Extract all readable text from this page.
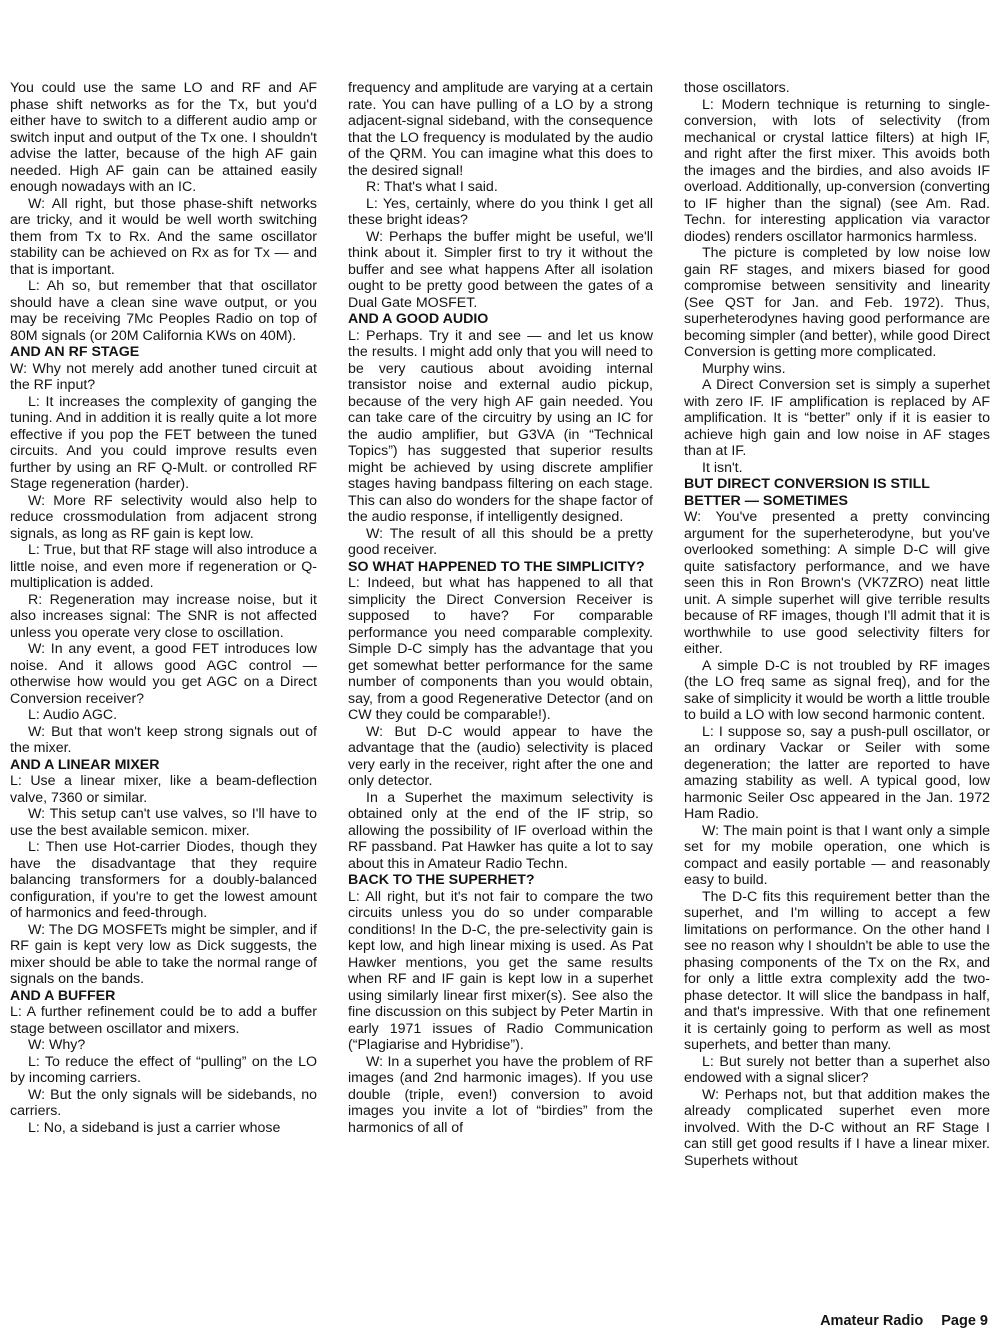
You could use the same LO and RF and AF phase shift networks as for the Tx, but you'd either have to switch to a different audio amp or switch input and output of the Tx one. I shouldn't advise the latter, because of the high AF gain needed. High AF gain can be attained easily enough nowadays with an IC.

W: All right, but those phase-shift networks are tricky, and it would be well worth switching them from Tx to Rx. And the same oscillator stability can be achieved on Rx as for Tx — and that is important.

L: Ah so, but remember that that oscillator should have a clean sine wave output, or you may be receiving 7Mc Peoples Radio on top of 80M signals (or 20M California KWs on 40M).

AND AN RF STAGE

W: Why not merely add another tuned circuit at the RF input?

L: It increases the complexity of ganging the tuning. And in addition it is really quite a lot more effective if you pop the FET between the tuned circuits. And you could improve results even further by using an RF Q-Mult. or controlled RF Stage regeneration (harder).

W: More RF selectivity would also help to reduce crossmodulation from adjacent strong signals, as long as RF gain is kept low.

L: True, but that RF stage will also introduce a little noise, and even more if regeneration or Q-multiplication is added.

R: Regeneration may increase noise, but it also increases signal: The SNR is not affected unless you operate very close to oscillation.

W: In any event, a good FET introduces low noise. And it allows good AGC control — otherwise how would you get AGC on a Direct Conversion receiver?

L: Audio AGC.

W: But that won't keep strong signals out of the mixer.

AND A LINEAR MIXER

L: Use a linear mixer, like a beam-deflection valve, 7360 or similar.

W: This setup can't use valves, so I'll have to use the best available semicon. mixer.

L: Then use Hot-carrier Diodes, though they have the disadvantage that they require balancing transformers for a doubly-balanced configuration, if you're to get the lowest amount of harmonics and feed-through.

W: The DG MOSFETs might be simpler, and if RF gain is kept very low as Dick suggests, the mixer should be able to take the normal range of signals on the bands.

AND A BUFFER

L: A further refinement could be to add a buffer stage between oscillator and mixers.

W: Why?

L: To reduce the effect of “pulling” on the LO by incoming carriers.

W: But the only signals will be sidebands, no carriers.

L: No, a sideband is just a carrier whose

frequency and amplitude are varying at a certain rate. You can have pulling of a LO by a strong adjacent-signal sideband, with the consequence that the LO frequency is modulated by the audio of the QRM. You can imagine what this does to the desired signal!

R: That's what I said.

L: Yes, certainly, where do you think I get all these bright ideas?

W: Perhaps the buffer might be useful, we'll think about it. Simpler first to try it without the buffer and see what happens After all isolation ought to be pretty good between the gates of a Dual Gate MOSFET.

AND A GOOD AUDIO

L: Perhaps. Try it and see — and let us know the results. I might add only that you will need to be very cautious about avoiding internal transistor noise and external audio pickup, because of the very high AF gain needed. You can take care of the circuitry by using an IC for the audio amplifier, but G3VA (in “Technical Topics”) has suggested that superior results might be achieved by using discrete amplifier stages having bandpass filtering on each stage. This can also do wonders for the shape factor of the audio response, if intelligently designed.

W: The result of all this should be a pretty good receiver.

SO WHAT HAPPENED TO THE SIMPLICITY?

L: Indeed, but what has happened to all that simplicity the Direct Conversion Receiver is supposed to have? For comparable performance you need comparable complexity. Simple D-C simply has the advantage that you get somewhat better performance for the same number of components than you would obtain, say, from a good Regenerative Detector (and on CW they could be comparable!).

W: But D-C would appear to have the advantage that the (audio) selectivity is placed very early in the receiver, right after the one and only detector.

In a Superhet the maximum selectivity is obtained only at the end of the IF strip, so allowing the possibility of IF overload within the RF passband. Pat Hawker has quite a lot to say about this in Amateur Radio Techn.

BACK TO THE SUPERHET?

L: All right, but it's not fair to compare the two circuits unless you do so under comparable conditions! In the D-C, the pre-selectivity gain is kept low, and high linear mixing is used. As Pat Hawker mentions, you get the same results when RF and IF gain is kept low in a superhet using similarly linear first mixer(s). See also the fine discussion on this subject by Peter Martin in early 1971 issues of Radio Communication (“Plagiarise and Hybridise”).

W: In a superhet you have the problem of RF images (and 2nd harmonic images). If you use double (triple, even!) conversion to avoid images you invite a lot of “birdies” from the harmonics of all of

those oscillators.

L: Modern technique is returning to single-conversion, with lots of selectivity (from mechanical or crystal lattice filters) at high IF, and right after the first mixer. This avoids both the images and the birdies, and also avoids IF overload. Additionally, up-conversion (converting to IF higher than the signal) (see Am. Rad. Techn. for interesting application via varactor diodes) renders oscillator harmonics harmless.

The picture is completed by low noise low gain RF stages, and mixers biased for good compromise between sensitivity and linearity (See QST for Jan. and Feb. 1972). Thus, superheterodynes having good performance are becoming simpler (and better), while good Direct Conversion is getting more complicated.

Murphy wins.

A Direct Conversion set is simply a superhet with zero IF. IF amplification is replaced by AF amplification. It is “better” only if it is easier to achieve high gain and low noise in AF stages than at IF.

It isn't.

BUT DIRECT CONVERSION IS STILL BETTER — SOMETIMES

W: You've presented a pretty convincing argument for the superheterodyne, but you've overlooked something: A simple D-C will give quite satisfactory performance, and we have seen this in Ron Brown's (VK7ZRO) neat little unit. A simple superhet will give terrible results because of RF images, though I'll admit that it is worthwhile to use good selectivity filters for either.

A simple D-C is not troubled by RF images (the LO freq same as signal freq), and for the sake of simplicity it would be worth a little trouble to build a LO with low second harmonic content.

L: I suppose so, say a push-pull oscillator, or an ordinary Vackar or Seiler with some degeneration; the latter are reported to have amazing stability as well. A typical good, low harmonic Seiler Osc appeared in the Jan. 1972 Ham Radio.

W: The main point is that I want only a simple set for my mobile operation, one which is compact and easily portable — and reasonably easy to build.

The D-C fits this requirement better than the superhet, and I'm willing to accept a few limitations on performance. On the other hand I see no reason why I shouldn't be able to use the phasing components of the Tx on the Rx, and for only a little extra complexity add the two-phase detector. It will slice the bandpass in half, and that's impressive. With that one refinement it is certainly going to perform as well as most superhets, and better than many.

L: But surely not better than a superhet also endowed with a signal slicer?

W: Perhaps not, but that addition makes the already complicated superhet even more involved. With the D-C without an RF Stage I can still get good results if I have a linear mixer. Superhets without

Amateur Radio Page 9
